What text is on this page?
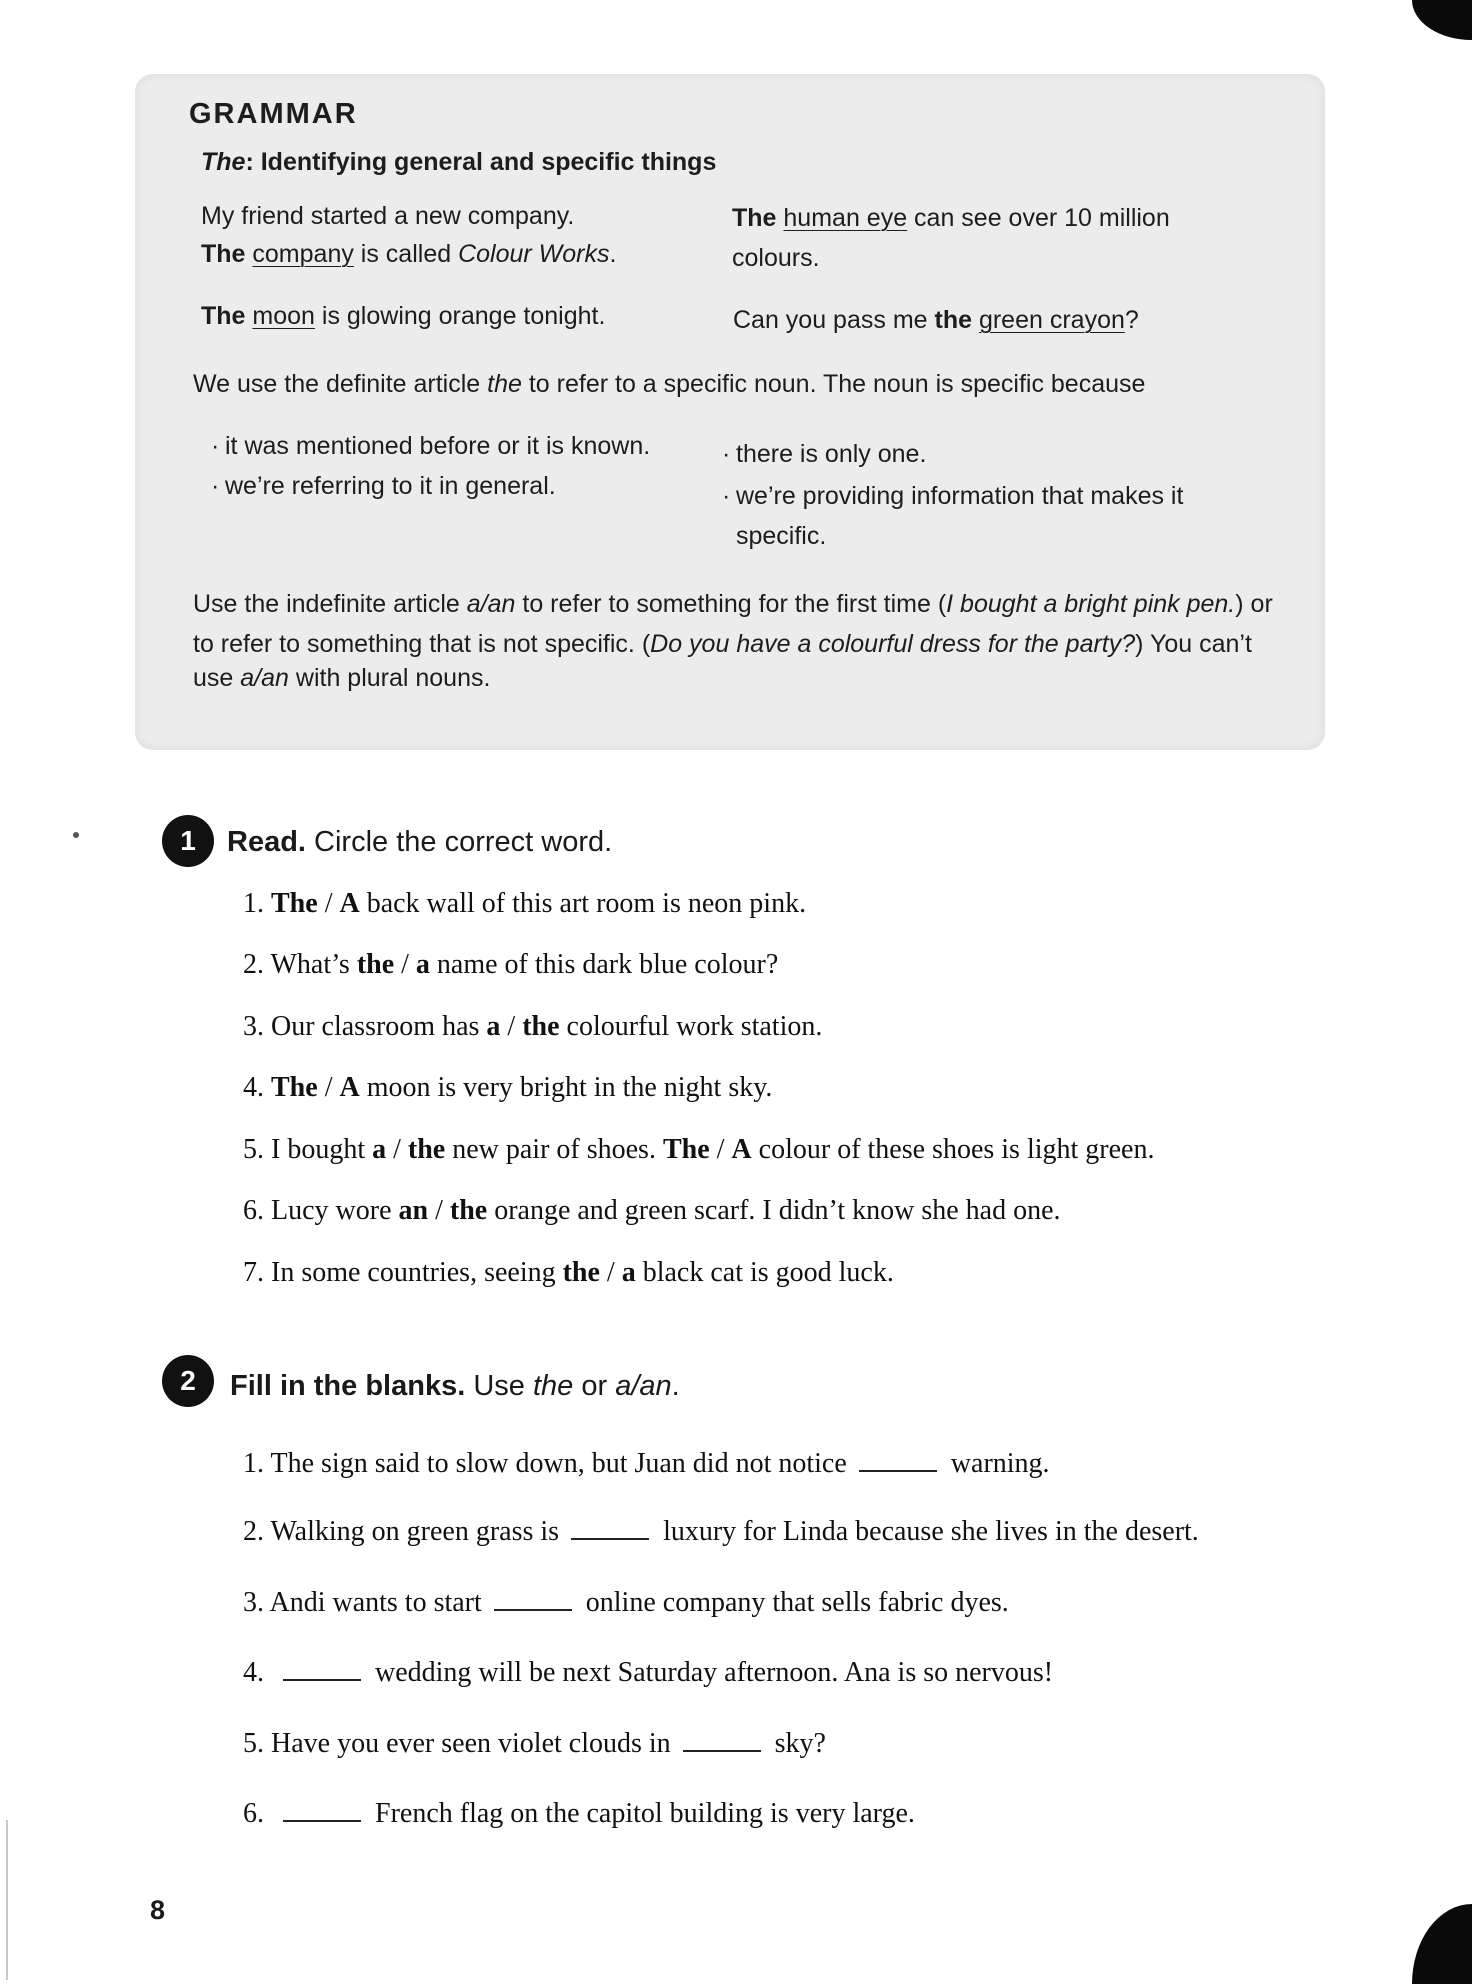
GRAMMAR
The: Identifying general and specific things
My friend started a new company.
The company is called Colour Works.
The human eye can see over 10 million
colours.
The moon is glowing orange tonight.	Can you pass me the green crayon?
We use the definite article the to refer to a specific noun. The noun is specific because
· it was mentioned before or it is known.
· we’re referring to it in general.
· there is only one.
· we’re providing information that makes it
specific.
Use the indefinite article a/an to refer to something for the first time (I bought a bright pink pen.) or
to refer to something that is not specific. (Do you have a colourful dress for the party?) You can’t
use a/an with plural nouns.
1	Read. Circle the correct word.
1. The / A back wall of this art room is neon pink.
2. What’s the / a name of this dark blue colour?
3. Our classroom has a / the colourful work station.
4. The / A moon is very bright in the night sky.
5. I bought a / the new pair of shoes. The / A colour of these shoes is light green.
6. Lucy wore an / the orange and green scarf. I didn’t know she had one.
7. In some countries, seeing the / a black cat is good luck.
2	Fill in the blanks. Use the or a/an.
1. The sign said to slow down, but Juan did not notice	warning.
2. Walking on green grass is	luxury for Linda because she lives in the desert.
3. Andi wants to start	online company that sells fabric dyes.
4.	wedding will be next Saturday afternoon. Ana is so nervous!
5. Have you ever seen violet clouds in	sky?
6.	French flag on the capitol building is very large.
8
